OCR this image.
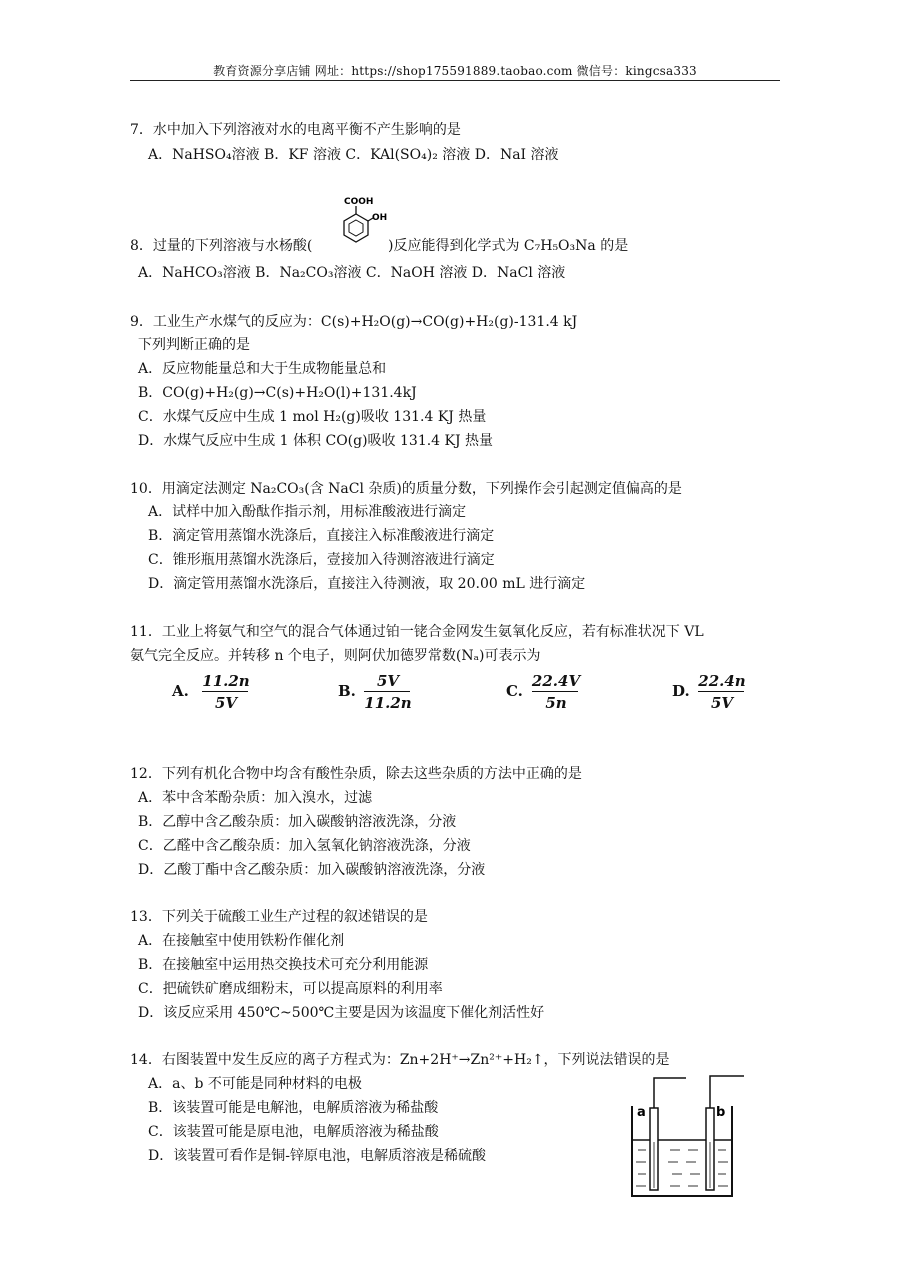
教育资源分享店铺 网址：https://shop175591889.taobao.com 微信号：kingcsa333
7．水中加入下列溶液对水的电离平衡不产生影响的是
A．NaHSO₄溶液 B．KF 溶液 C．KAl(SO₄)₂ 溶液 D．NaI 溶液
COOH
OH
8．过量的下列溶液与水杨酸(	)反应能得到化学式为 C₇H₅O₃Na 的是
A．NaHCO₃溶液 B．Na₂CO₃溶液 C．NaOH 溶液 D．NaCl 溶液
9．工业生产水煤气的反应为：C(s)+H₂O(g)→CO(g)+H₂(g)-131.4 kJ
下列判断正确的是
A．反应物能量总和大于生成物能量总和
B．CO(g)+H₂(g)→C(s)+H₂O(l)+131.4kJ
C．水煤气反应中生成 1 mol H₂(g)吸收 131.4 KJ 热量
D．水煤气反应中生成 1 体积 CO(g)吸收 131.4 KJ 热量
10．用滴定法测定 Na₂CO₃(含 NaCl 杂质)的质量分数，下列操作会引起测定值偏高的是
A．试样中加入酚酞作指示剂，用标准酸液进行滴定
B．滴定管用蒸馏水洗涤后，直接注入标准酸液进行滴定
C．锥形瓶用蒸馏水洗涤后，壹接加入待测溶液进行滴定
D．滴定管用蒸馏水洗涤后，直接注入待测液，取 20.00 mL 进行滴定
11．工业上将氨气和空气的混合气体通过铂一铑合金网发生氨氧化反应，若有标准状况下 VL
氨气完全反应。并转移 n 个电子，则阿伏加德罗常数(Nₐ)可表示为
A.
11.2n
5V
B.
5V
11.2n
C.
22.4V
5n
D.
22.4n
5V
12．下列有机化合物中均含有酸性杂质，除去这些杂质的方法中正确的是
A．苯中含苯酚杂质：加入溴水，过滤
B．乙醇中含乙酸杂质：加入碳酸钠溶液洗涤，分液
C．乙醛中含乙酸杂质：加入氢氧化钠溶液洗涤，分液
D．乙酸丁酯中含乙酸杂质：加入碳酸钠溶液洗涤，分液
13．下列关于硫酸工业生产过程的叙述错误的是
A．在接触室中使用铁粉作催化剂
B．在接触室中运用热交换技术可充分利用能源
C．把硫铁矿磨成细粉末，可以提高原料的利用率
D．该反应采用 450℃~500℃主要是因为该温度下催化剂活性好
14．右图装置中发生反应的离子方程式为：Zn+2H⁺→Zn²⁺+H₂↑，下列说法错误的是
A．a、b 不可能是同种材料的电极
B．该装置可能是电解池，电解质溶液为稀盐酸
C．该装置可能是原电池，电解质溶液为稀盐酸
D．该装置可看作是铜-锌原电池，电解质溶液是稀硫酸
a	b
